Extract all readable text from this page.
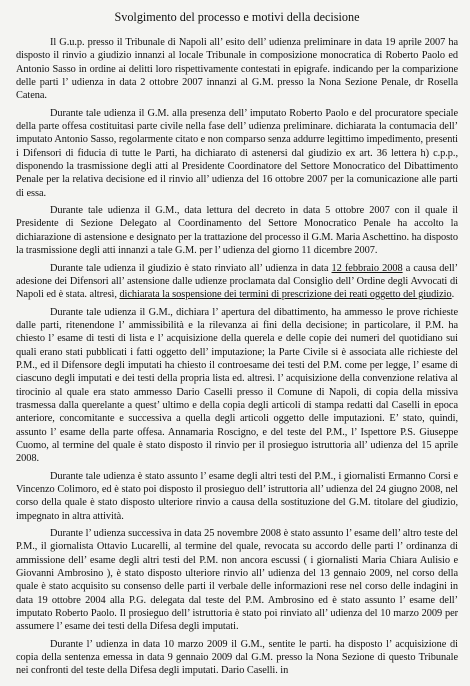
Svolgimento del processo e motivi della decisione

Il G.u.p. presso il Tribunale di Napoli all’ esito dell’ udienza preliminare in data 19 aprile 2007 ha disposto il rinvio a giudizio innanzi al locale Tribunale in composizione monocratica di Roberto Paolo ed Antonio Sasso in ordine ai delitti loro rispettivamente contestati in epigrafe. indicando per la comparizione delle parti l’ udienza in data 2 ottobre 2007 innanzi al G.M. presso la Nona Sezione Penale, dr Rosella Catena.

Durante tale udienza il G.M. alla presenza dell’ imputato Roberto Paolo e del procuratore speciale della parte offesa costituitasi parte civile nella fase dell’ udienza preliminare. dichiarata la contumacia dell’ imputato Antonio Sasso, regolarmente citato e non comparso senza addurre legittimo impedimento, presenti i Difensori di fiducia di tutte le Parti, ha dichiarato di astenersi dal giudizio ex art. 36 lettera h) c.p.p., disponendo la trasmissione degli atti al Presidente Coordinatore del Settore Monocratico del Dibattimento Penale per la relativa decisione ed il rinvio all’ udienza del 16 ottobre 2007 per la comunicazione alle parti di essa.

Durante tale udienza il G.M., data lettura del decreto in data 5 ottobre 2007 con il quale il Presidente di Sezione Delegato al Coordinamento del Settore Monocratico Penale ha accolto la dichiarazione di astensione e designato per la trattazione del processo il G.M. Maria Aschettino. ha disposto la trasmissione degli atti innanzi a tale G.M. per l’ udienza del giorno 11 dicembre 2007.

Durante tale udienza il giudizio è stato rinviato all’ udienza in data 12 febbraio 2008 a causa dell’ adesione dei Difensori all’ astensione dalle udienze proclamata dal Consiglio dell’ Ordine degli Avvocati di Napoli ed è stata. altresì, dichiarata la sospensione dei termini di prescrizione dei reati oggetto del giudizio.

Durante tale udienza il G.M., dichiara l’ apertura del dibattimento, ha ammesso le prove richieste dalle parti, ritenendone l’ ammissibilità e la rilevanza ai fini della decisione; in particolare, il P.M. ha chiesto l’ esame di testi di lista e l’ acquisizione della querela e delle copie dei numeri del quotidiano sui quali erano stati pubblicati i fatti oggetto dell’ imputazione; la Parte Civile si è associata alle richieste del P.M., ed il Difensore degli imputati ha chiesto il controesame dei testi del P.M. come per legge, l’ esame di ciascuno degli imputati e dei testi della propria lista ed. altresì. l’ acquisizione della convenzione relativa al tirocinio al quale era stato ammesso Dario Caselli presso il Comune di Napoli, di copia della missiva trasmessa dalla querelante a quest’ ultimo e della copia degli articoli di stampa redatti dal Caselli in epoca anteriore, concomitante e successiva a quella degli articoli oggetto delle imputazioni. E’ stato, quindi, assunto l’ esame della parte offesa. Annamaria Roscigno, e del teste del P.M., l’ Ispettore P.S. Giuseppe Cuomo, al termine del quale è stato disposto il rinvio per il prosieguo istruttoria all’ udienza del 15 aprile 2008.

Durante tale udienza è stato assunto l’ esame degli altri testi del P.M., i giornalisti Ermanno Corsi e Vincenzo Colimoro, ed è stato poi disposto il prosieguo dell’ istruttoria all’ udienza del 24 giugno 2008, nel corso della quale è stato disposto ulteriore rinvio a causa della sostituzione del G.M. titolare del giudizio, impegnato in altra attività.

Durante l’ udienza successiva in data 25 novembre 2008 è stato assunto l’ esame dell’ altro teste del P.M., il giornalista Ottavio Lucarelli, al termine del quale, revocata su accordo delle parti l’ ordinanza di ammissione dell’ esame degli altri testi del P.M. non ancora escussi ( i giornalisti Maria Chiara Aulisio e Giovanni Ambrosino ), è stato disposto ulteriore rinvio all’ udienza del 13 gennaio 2009, nel corso della quale è stato acquisito su consenso delle parti il verbale delle informazioni rese nel corso delle indagini in data 19 ottobre 2004 alla P.G. delegata dal teste del P.M. Ambrosino ed è stato assunto l’ esame dell’ imputato Roberto Paolo. Il prosieguo dell’ istruttoria è stato poi rinviato all’ udienza del 10 marzo 2009 per assumere l’ esame dei testi della Difesa degli imputati.

Durante l’ udienza in data 10 marzo 2009 il G.M., sentite le parti. ha disposto l’ acquisizione di copia della sentenza emessa in data 9 gennaio 2009 dal G.M. presso la Nona Sezione di questo Tribunale nei confronti del teste della Difesa degli imputati. Dario Caselli. in
